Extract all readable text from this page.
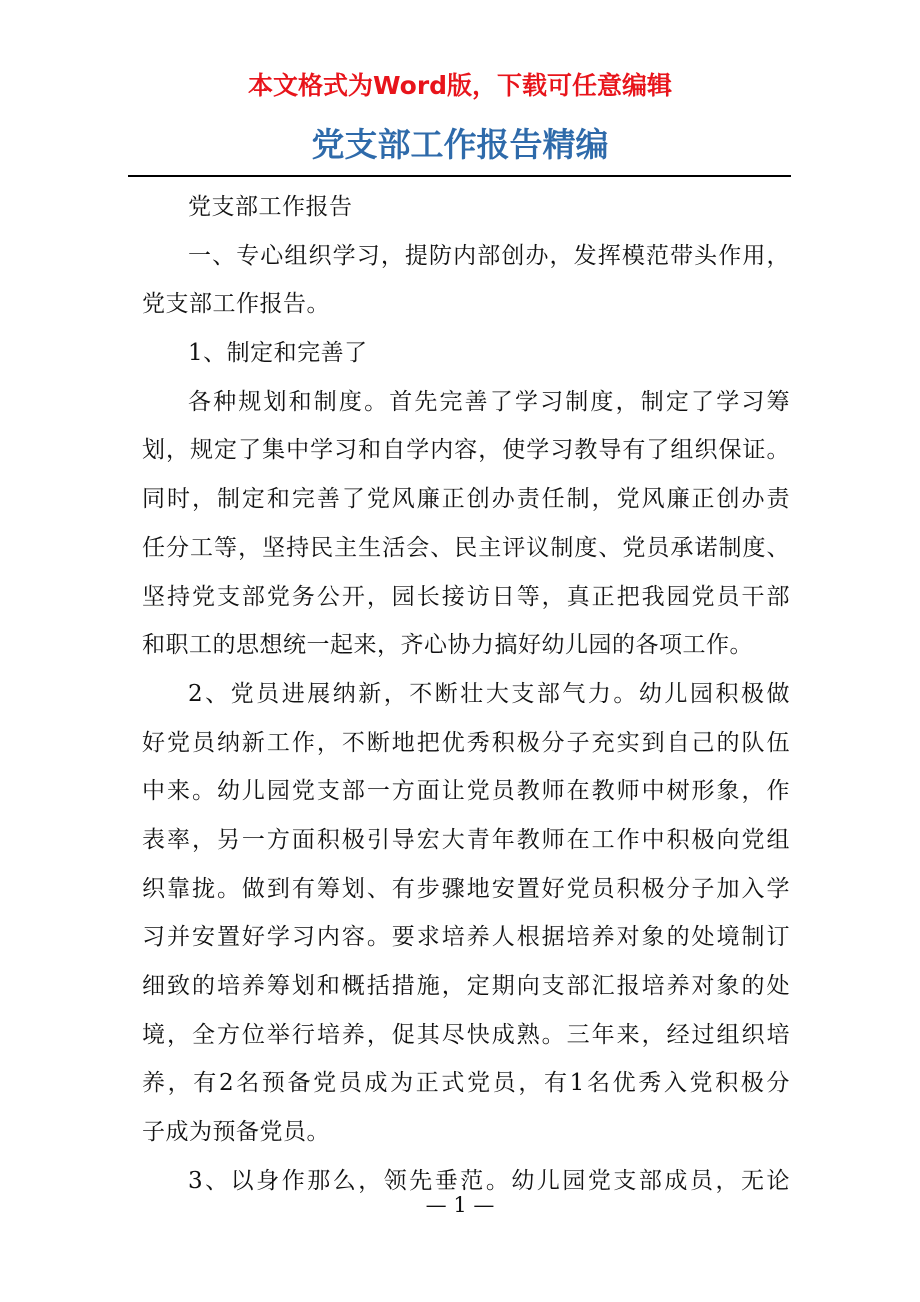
本文格式为Word版，下载可任意编辑
党支部工作报告精编
党支部工作报告
一、专心组织学习，提防内部创办，发挥模范带头作用，
党支部工作报告。
1、制定和完善了
各种规划和制度。首先完善了学习制度，制定了学习筹
划，规定了集中学习和自学内容，使学习教导有了组织保证。
同时，制定和完善了党风廉正创办责任制，党风廉正创办责
任分工等，坚持民主生活会、民主评议制度、党员承诺制度、
坚持党支部党务公开，园长接访日等，真正把我园党员干部
和职工的思想统一起来，齐心协力搞好幼儿园的各项工作。
2、党员进展纳新，不断壮大支部气力。幼儿园积极做
好党员纳新工作，不断地把优秀积极分子充实到自己的队伍
中来。幼儿园党支部一方面让党员教师在教师中树形象，作
表率，另一方面积极引导宏大青年教师在工作中积极向党组
织靠拢。做到有筹划、有步骤地安置好党员积极分子加入学
习并安置好学习内容。要求培养人根据培养对象的处境制订
细致的培养筹划和概括措施，定期向支部汇报培养对象的处
境，全方位举行培养，促其尽快成熟。三年来，经过组织培
养，有2名预备党员成为正式党员，有1名优秀入党积极分
子成为预备党员。
3、以身作那么，领先垂范。幼儿园党支部成员，无论
— 1 —
